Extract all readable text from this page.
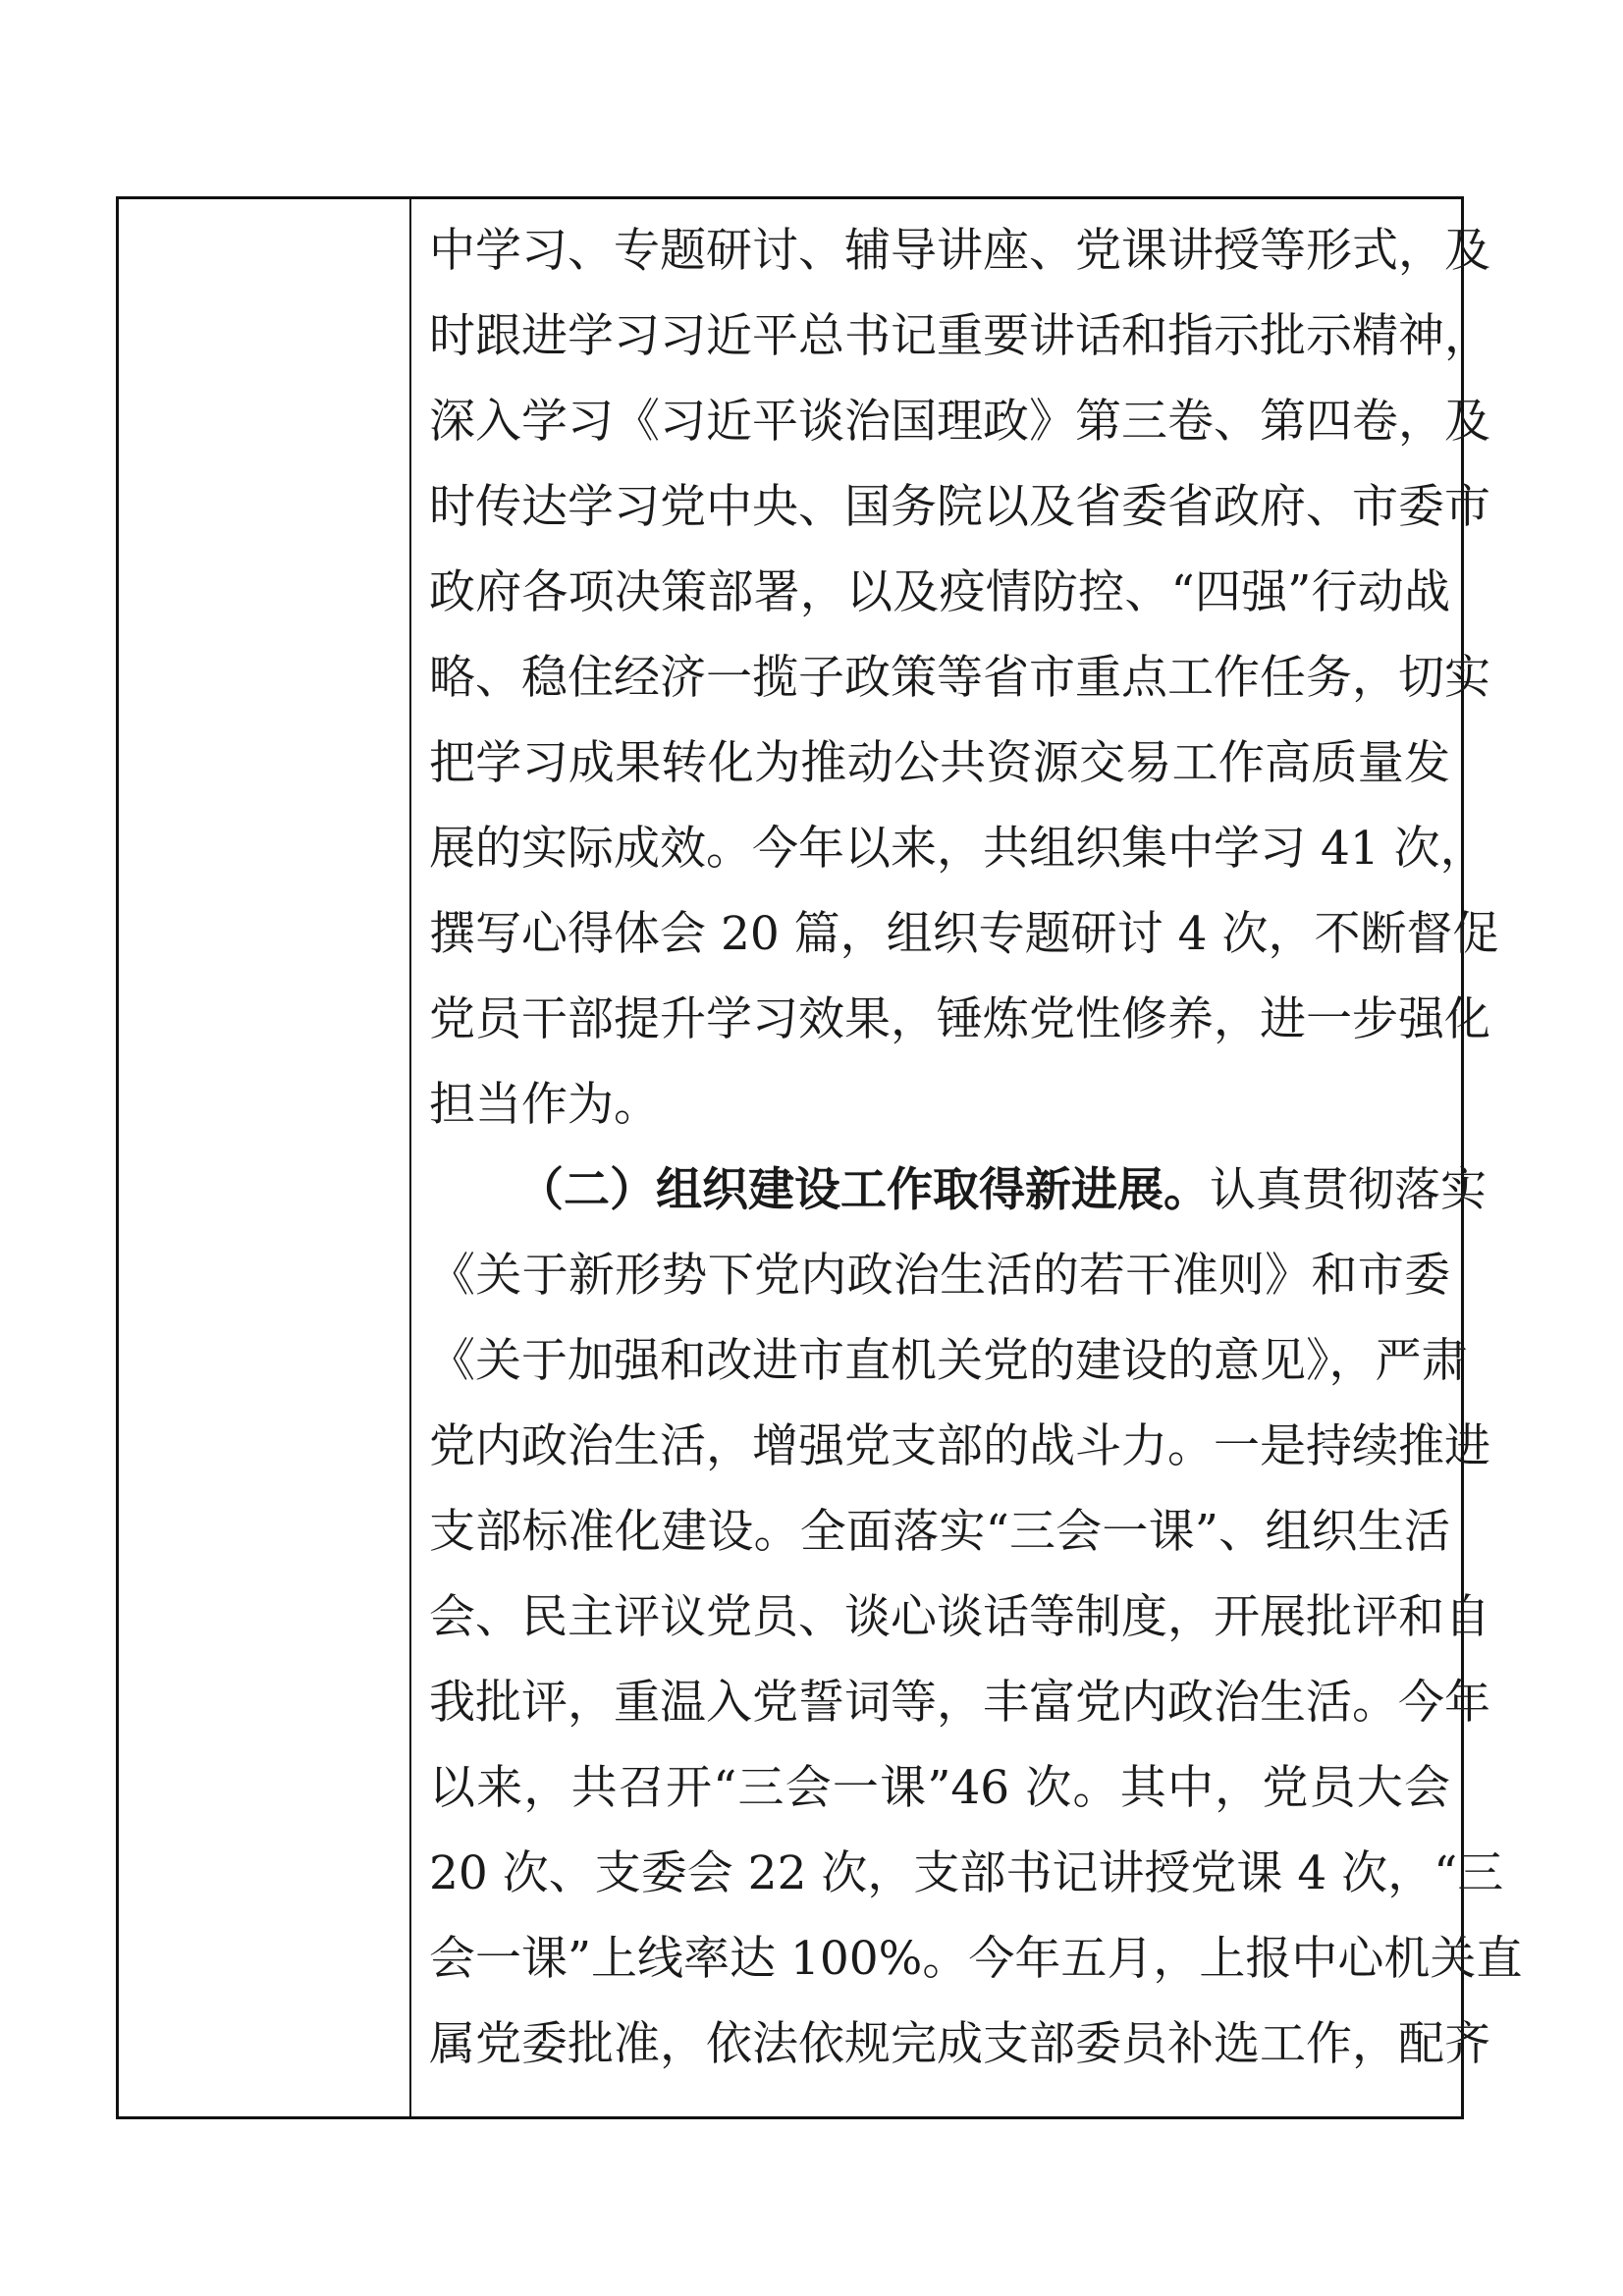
中学习、专题研讨、辅导讲座、党课讲授等形式，及
时跟进学习习近平总书记重要讲话和指示批示精神，
深入学习《习近平谈治国理政》第三卷、第四卷，及
时传达学习党中央、国务院以及省委省政府、市委市
政府各项决策部署，以及疫情防控、“四强”行动战
略、稳住经济一揽子政策等省市重点工作任务，切实
把学习成果转化为推动公共资源交易工作高质量发
展的实际成效。今年以来，共组织集中学习 41 次，
撰写心得体会 20 篇，组织专题研讨 4 次，不断督促
党员干部提升学习效果，锤炼党性修养，进一步强化
担当作为。
（二）组织建设工作取得新进展。认真贯彻落实
《关于新形势下党内政治生活的若干准则》和市委
《关于加强和改进市直机关党的建设的意见》，严肃
党内政治生活，增强党支部的战斗力。一是持续推进
支部标准化建设。全面落实“三会一课”、组织生活
会、民主评议党员、谈心谈话等制度，开展批评和自
我批评，重温入党誓词等，丰富党内政治生活。今年
以来，共召开“三会一课”46 次。其中，党员大会
20 次、支委会 22 次，支部书记讲授党课 4 次，“三
会一课”上线率达 100%。今年五月，上报中心机关直
属党委批准，依法依规完成支部委员补选工作，配齐
